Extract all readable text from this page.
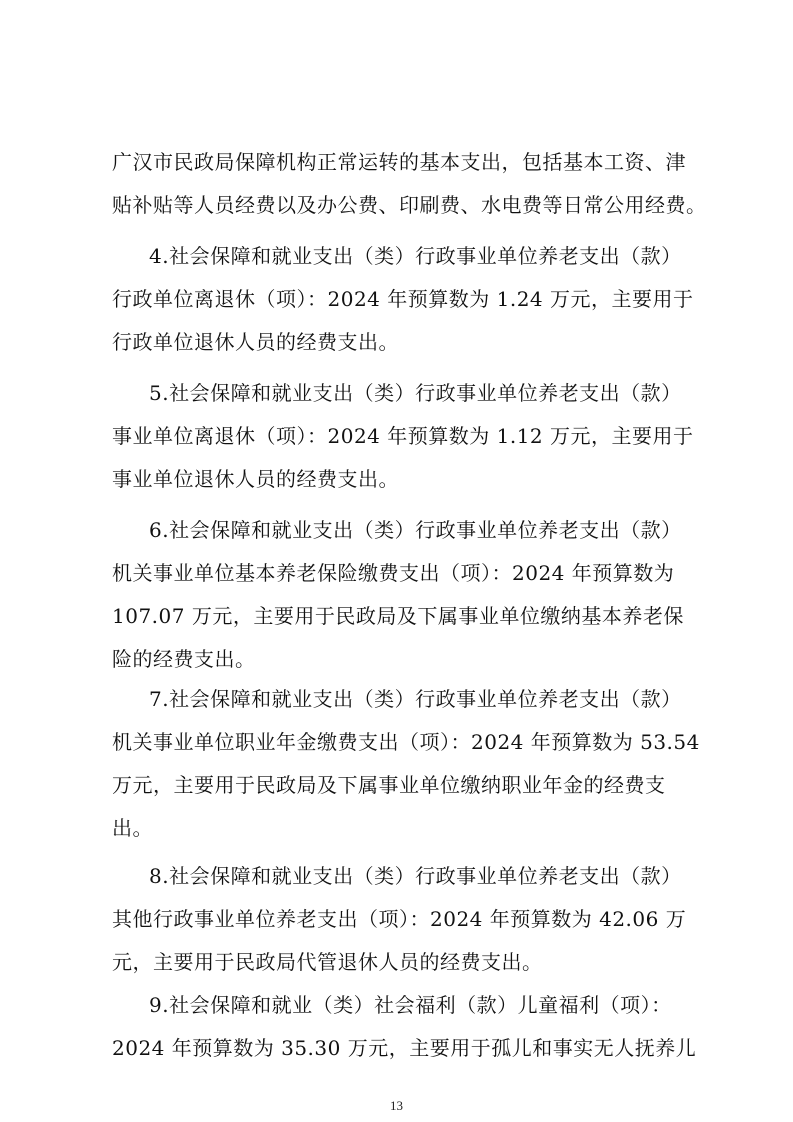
广汉市民政局保障机构正常运转的基本支出，包括基本工资、津
贴补贴等人员经费以及办公费、印刷费、水电费等日常公用经费。
4.社会保障和就业支出（类）行政事业单位养老支出（款）
行政单位离退休（项）：2024 年预算数为 1.24 万元，主要用于
行政单位退休人员的经费支出。
5.社会保障和就业支出（类）行政事业单位养老支出（款）
事业单位离退休（项）：2024 年预算数为 1.12 万元，主要用于
事业单位退休人员的经费支出。
6.社会保障和就业支出（类）行政事业单位养老支出（款）
机关事业单位基本养老保险缴费支出（项）：2024 年预算数为
107.07 万元，主要用于民政局及下属事业单位缴纳基本养老保
险的经费支出。
7.社会保障和就业支出（类）行政事业单位养老支出（款）
机关事业单位职业年金缴费支出（项）：2024 年预算数为 53.54
万元，主要用于民政局及下属事业单位缴纳职业年金的经费支
出。
8.社会保障和就业支出（类）行政事业单位养老支出（款）
其他行政事业单位养老支出（项）：2024 年预算数为 42.06 万
元，主要用于民政局代管退休人员的经费支出。
9.社会保障和就业（类）社会福利（款）儿童福利（项）：
2024 年预算数为 35.30 万元，主要用于孤儿和事实无人抚养儿
13
